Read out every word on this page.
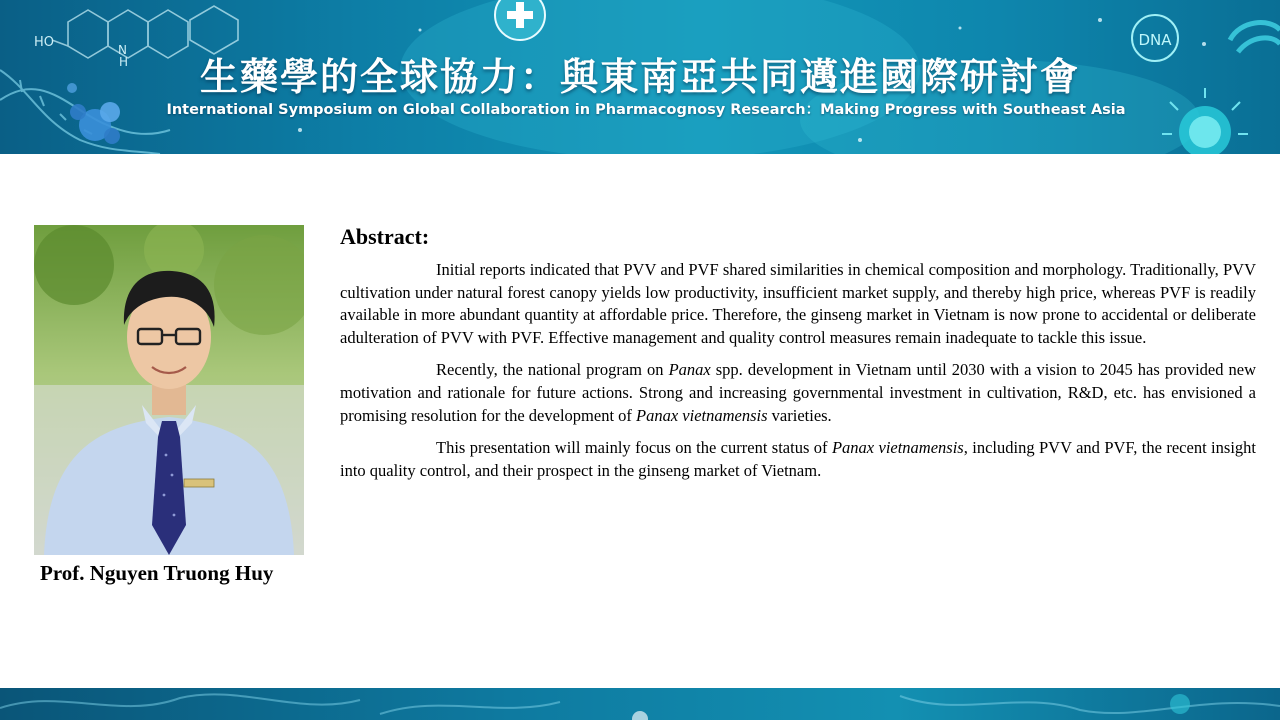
HO	N
H
DNA
生藥學的全球協力：與東南亞共同邁進國際研討會

International Symposium on Global Collaboration in Pharmacognosy Research：Making Progress with Southeast Asia

Prof. Nguyen Truong Huy

Abstract:

Initial reports indicated that PVV and PVF shared similarities in chemical composition and morphology. Traditionally, PVV cultivation under natural forest canopy yields low productivity, insufficient market supply, and thereby high price, whereas PVF is readily available in more abundant quantity at affordable price. Therefore, the ginseng market in Vietnam is now prone to accidental or deliberate adulteration of PVV with PVF. Effective management and quality control measures remain inadequate to tackle this issue.

Recently, the national program on Panax spp. development in Vietnam until 2030 with a vision to 2045 has provided new motivation and rationale for future actions. Strong and increasing governmental investment in cultivation, R&D, etc. has envisioned a promising resolution for the development of Panax vietnamensis varieties.

This presentation will mainly focus on the current status of Panax vietnamensis, including PVV and PVF, the recent insight into quality control, and their prospect in the ginseng market of Vietnam.
